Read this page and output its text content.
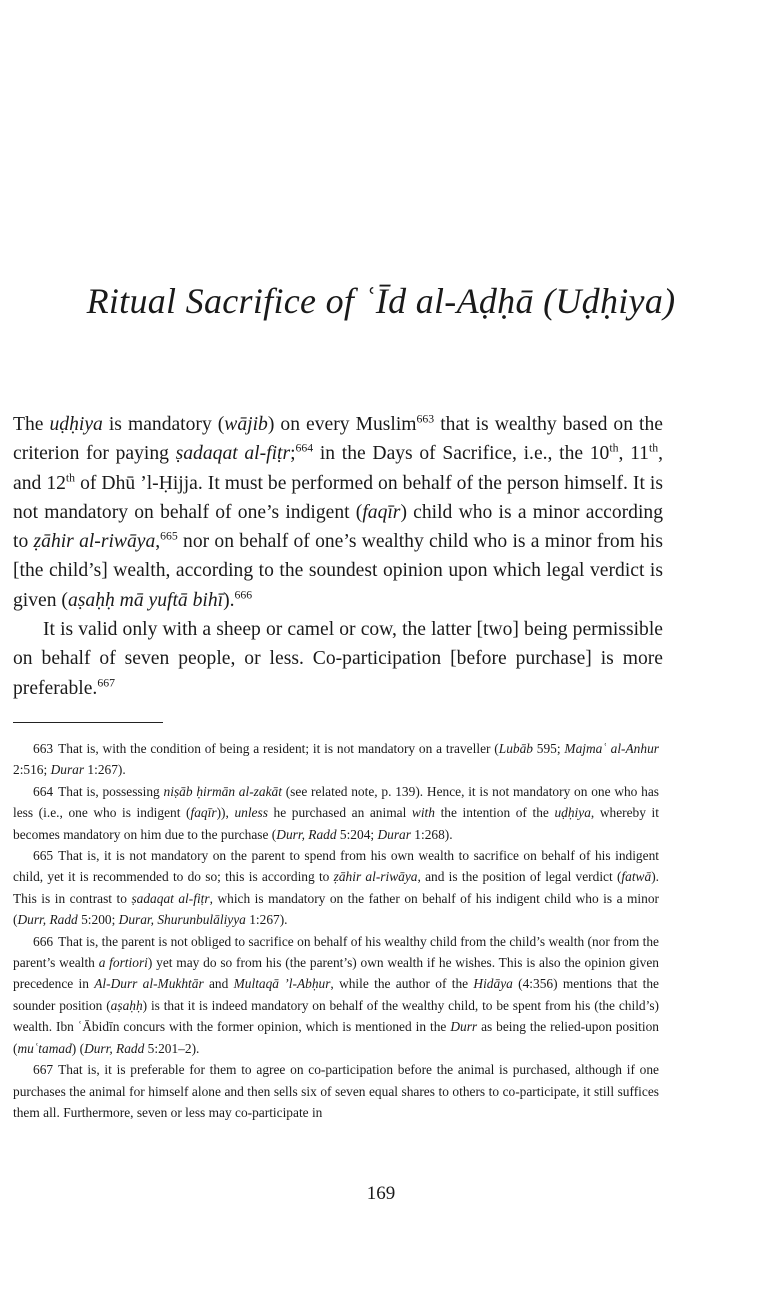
Ritual Sacrifice of ʿĪd al-Aḍḥā (Uḍḥiya)

The uḍḥiya is mandatory (wājib) on every Muslim$^{663}$ that is wealthy based on the criterion for paying ṣadaqat al-fiṭr;$^{664}$ in the Days of Sacrifice, i.e., the 10th, 11th, and 12th of Dhū ’l-Ḥijja. It must be performed on behalf of the person himself. It is not mandatory on behalf of one’s indigent (faqīr) child who is a minor according to ẓāhir al-riwāya,$^{665}$ nor on behalf of one’s wealthy child who is a minor from his [the child’s] wealth, according to the soundest opinion upon which legal verdict is given (aṣaḥḥ mā yuftā bihī).$^{666}$

It is valid only with a sheep or camel or cow, the latter [two] being permissible on behalf of seven people, or less. Co-participation [before purchase] is more preferable.$^{667}$

663 That is, with the condition of being a resident; it is not mandatory on a traveller (Lubāb 595; Majmaʿ al-Anhur 2:516; Durar 1:267).

664 That is, possessing niṣāb ḥirmān al-zakāt (see related note, p. 139). Hence, it is not mandatory on one who has less (i.e., one who is indigent (faqīr)), unless he purchased an animal with the intention of the uḍḥiya, whereby it becomes mandatory on him due to the purchase (Durr, Radd 5:204; Durar 1:268).

665 That is, it is not mandatory on the parent to spend from his own wealth to sacrifice on behalf of his indigent child, yet it is recommended to do so; this is according to ẓāhir al-riwāya, and is the position of legal verdict (fatwā). This is in contrast to ṣadaqat al-fiṭr, which is mandatory on the father on behalf of his indigent child who is a minor (Durr, Radd 5:200; Durar, Shurunbulāliyya 1:267).

666 That is, the parent is not obliged to sacrifice on behalf of his wealthy child from the child’s wealth (nor from the parent’s wealth a fortiori) yet may do so from his (the parent’s) own wealth if he wishes. This is also the opinion given precedence in Al-Durr al-Mukhtār and Multaqā ’l-Abḥur, while the author of the Hidāya (4:356) mentions that the sounder position (aṣaḥḥ) is that it is indeed mandatory on behalf of the wealthy child, to be spent from his (the child’s) wealth. Ibn ʿĀbidīn concurs with the former opinion, which is mentioned in the Durr as being the relied-upon position (muʿtamad) (Durr, Radd 5:201–2).

667 That is, it is preferable for them to agree on co-participation before the animal is purchased, although if one purchases the animal for himself alone and then sells six of seven equal shares to others to co-participate, it still suffices them all. Furthermore, seven or less may co-participate in

169
